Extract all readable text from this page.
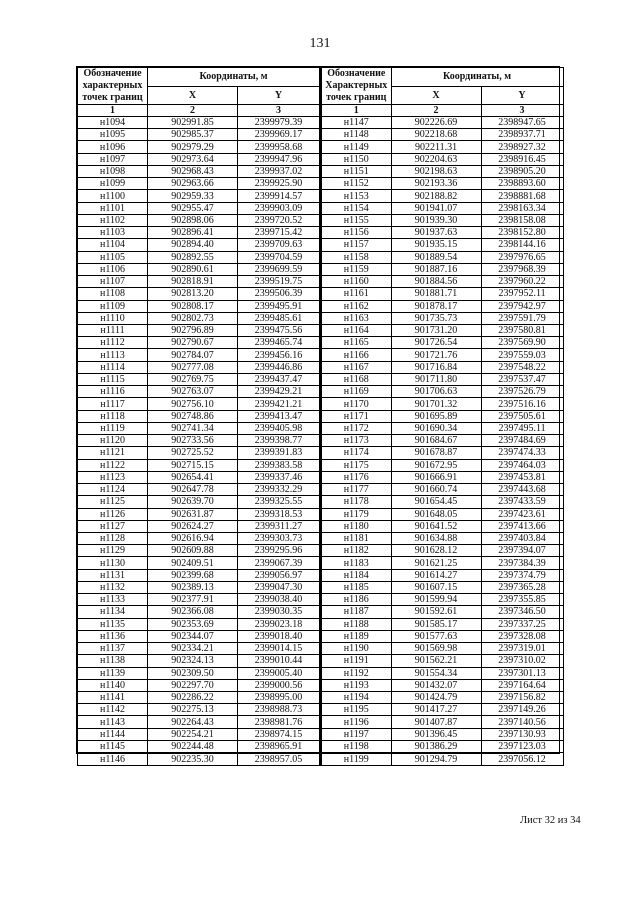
131
Обозначение характерных точек границ	Координаты, м	
	X	Y
1	2	3
н1094	902991.85	2399979.39
н1095	902985.37	2399969.17
н1096	902979.29	2399958.68
н1097	902973.64	2399947.96
н1098	902968.43	2399937.02
н1099	902963.66	2399925.90
н1100	902959.33	2399914.57
н1101	902955.47	2399903.09
н1102	902898.06	2399720.52
н1103	902896.41	2399715.42
н1104	902894.40	2399709.63
н1105	902892.55	2399704.59
н1106	902890.61	2399699.59
н1107	902818.91	2399519.75
н1108	902813.20	2399506.39
н1109	902808.17	2399495.91
н1110	902802.73	2399485.61
н1111	902796.89	2399475.56
н1112	902790.67	2399465.74
н1113	902784.07	2399456.16
н1114	902777.08	2399446.86
н1115	902769.75	2399437.47
н1116	902763.07	2399429.21
н1117	902756.10	2399421.21
н1118	902748.86	2399413.47
н1119	902741.34	2399405.98
н1120	902733.56	2399398.77
н1121	902725.52	2399391.83
н1122	902715.15	2399383.58
н1123	902654.41	2399337.46
н1124	902647.78	2399332.29
н1125	902639.70	2399325.55
н1126	902631.87	2399318.53
н1127	902624.27	2399311.27
н1128	902616.94	2399303.73
н1129	902609.88	2399295.96
н1130	902409.51	2399067.39
н1131	902399.68	2399056.97
н1132	902389.13	2399047.30
н1133	902377.91	2399038.40
н1134	902366.08	2399030.35
н1135	902353.69	2399023.18
н1136	902344.07	2399018.40
н1137	902334.21	2399014.15
н1138	902324.13	2399010.44
н1139	902309.50	2399005.40
н1140	902297.70	2399000.56
н1141	902286.22	2398995.00
н1142	902275.13	2398988.73
н1143	902264.43	2398981.76
н1144	902254.21	2398974.15
н1145	902244.48	2398965.91
н1146	902235.30	2398957.05
Обозначение Характерных точек границ	Координаты, м	
	X	Y
1	2	3
н1147	902226.69	2398947.65
н1148	902218.68	2398937.71
н1149	902211.31	2398927.32
н1150	902204.63	2398916.45
н1151	902198.63	2398905.20
н1152	902193.36	2398893.60
н1153	902188.82	2398881.68
н1154	901941.07	2398163.34
н1155	901939.30	2398158.08
н1156	901937.63	2398152.80
н1157	901935.15	2398144.16
н1158	901889.54	2397976.65
н1159	901887.16	2397968.39
н1160	901884.56	2397960.22
н1161	901881.71	2397952.11
н1162	901878.17	2397942.97
н1163	901735.73	2397591.79
н1164	901731.20	2397580.81
н1165	901726.54	2397569.90
н1166	901721.76	2397559.03
н1167	901716.84	2397548.22
н1168	901711.80	2397537.47
н1169	901706.63	2397526.79
н1170	901701.32	2397516.16
н1171	901695.89	2397505.61
н1172	901690.34	2397495.11
н1173	901684.67	2397484.69
н1174	901678.87	2397474.33
н1175	901672.95	2397464.03
н1176	901666.91	2397453.81
н1177	901660.74	2397443.68
н1178	901654.45	2397433.59
н1179	901648.05	2397423.61
н1180	901641.52	2397413.66
н1181	901634.88	2397403.84
н1182	901628.12	2397394.07
н1183	901621.25	2397384.39
н1184	901614.27	2397374.79
н1185	901607.15	2397365.28
н1186	901599.94	2397355.85
н1187	901592.61	2397346.50
н1188	901585.17	2397337.25
н1189	901577.63	2397328.08
н1190	901569.98	2397319.01
н1191	901562.21	2397310.02
н1192	901554.34	2397301.13
н1193	901432.07	2397164.64
н1194	901424.79	2397156.82
н1195	901417.27	2397149.26
н1196	901407.87	2397140.56
н1197	901396.45	2397130.93
н1198	901386.29	2397123.03
н1199	901294.79	2397056.12
Лист 32 из 34
